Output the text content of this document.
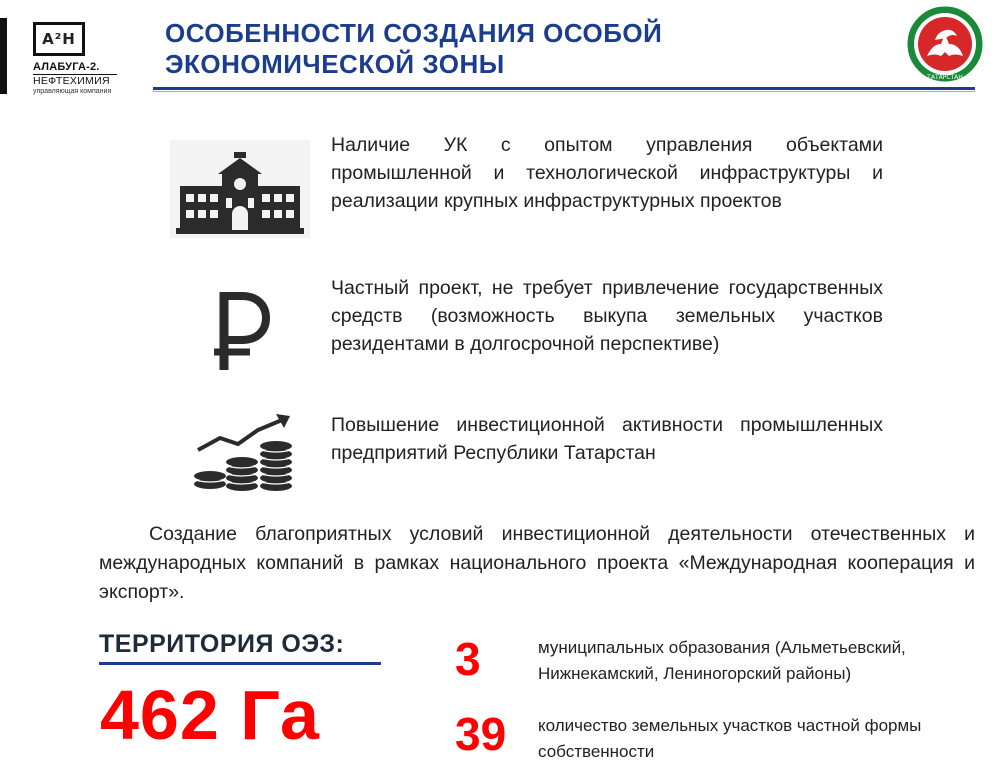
A²H
АЛАБУГА-2.
НЕФТЕХИМИЯ
управляющая компания
ОСОБЕННОСТИ СОЗДАНИЯ ОСОБОЙ
ЭКОНОМИЧЕСКОЙ ЗОНЫ	ТАТАРСТАН

Наличие УК с опытом управления объектами промышленной и технологической инфраструктуры и реализации крупных инфраструктурных проектов

Частный проект, не требует привлечение государственных средств (возможность выкупа земельных участков резидентами в долгосрочной перспективе)

Повышение инвестиционной активности промышленных предприятий Республики Татарстан

Создание благоприятных условий инвестиционной деятельности отечественных и международных компаний в рамках национального проекта «Международная кооперация и экспорт».

ТЕРРИТОРИЯ ОЭЗ:

462 Га

3	муниципальных образования (Альметьевский, Нижнекамский, Лениногорский районы)

39 количество земельных участков частной формы собственности
